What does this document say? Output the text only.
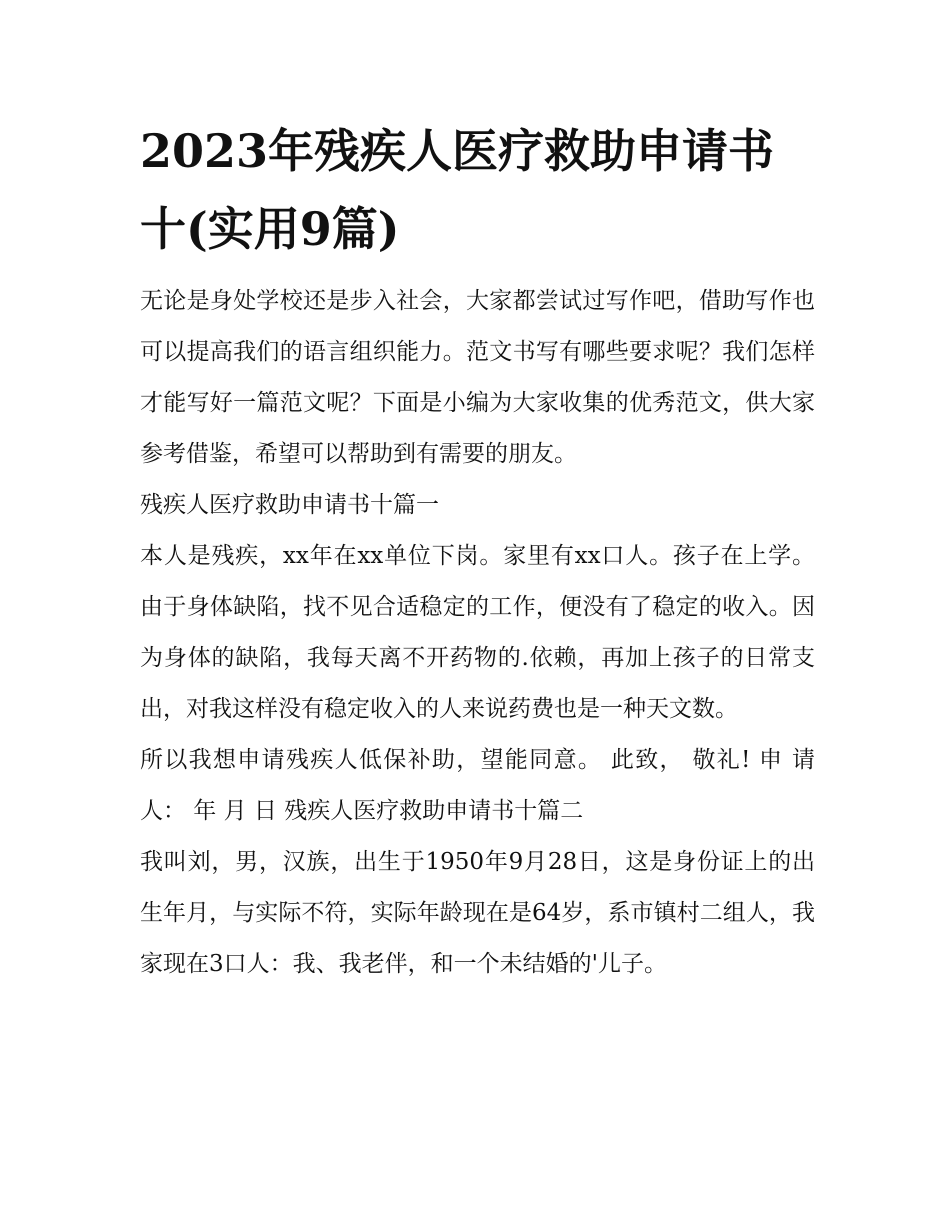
2023年残疾人医疗救助申请书十(实用9篇)

无论是身处学校还是步入社会，大家都尝试过写作吧，借助写作也可以提高我们的语言组织能力。范文书写有哪些要求呢？我们怎样才能写好一篇范文呢？下面是小编为大家收集的优秀范文，供大家参考借鉴，希望可以帮助到有需要的朋友。

残疾人医疗救助申请书十篇一

本人是残疾，xx年在xx单位下岗。家里有xx口人。孩子在上学。由于身体缺陷，找不见合适稳定的工作，便没有了稳定的收入。因为身体的缺陷，我每天离不开药物的.依赖，再加上孩子的日常支出，对我这样没有稳定收入的人来说药费也是一种天文数。

所以我想申请残疾人低保补助，望能同意。 此致， 敬礼! 申 请 人： 年 月 日 残疾人医疗救助申请书十篇二

我叫刘，男，汉族，出生于1950年9月28日，这是身份证上的出生年月，与实际不符，实际年龄现在是64岁，系市镇村二组人，我家现在3口人：我、我老伴，和一个未结婚的'儿子。
